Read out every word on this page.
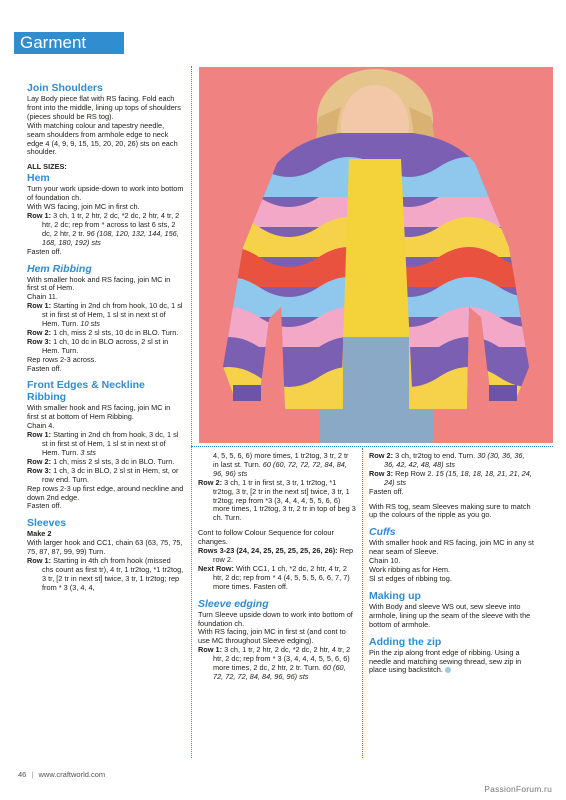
Garment
Join Shoulders

Lay Body piece flat with RS facing. Fold each front into the middle, lining up tops of shoulders (pieces should be RS tog).

With matching colour and tapestry needle, seam shoulders from armhole edge to neck edge 4 (4, 9, 9, 15, 15, 20, 20, 26) sts on each shoulder.

ALL SIZES:
Hem

Turn your work upside-down to work into bottom of foundation ch.

With WS facing, join MC in first ch.

Row 1: 3 ch, 1 tr, 2 htr, 2 dc, *2 dc, 2 htr, 4 tr, 2 htr, 2 dc; rep from * across to last 6 sts, 2 dc, 2 htr, 2 tr. 96 (108, 120, 132, 144, 156, 168, 180, 192) sts

Fasten off.

Hem Ribbing

With smaller hook and RS facing, join MC in first st of Hem.

Chain 11.

Row 1: Starting in 2nd ch from hook, 10 dc, 1 sl st in first st of Hem, 1 sl st in next st of Hem. Turn. 10 sts

Row 2: 1 ch, miss 2 sl sts, 10 dc in BLO. Turn.

Row 3: 1 ch, 10 dc in BLO across, 2 sl st in Hem. Turn.

Rep rows 2-3 across.

Fasten off.

Front Edges & Neckline Ribbing

With smaller hook and RS facing, join MC in first st at bottom of Hem Ribbing.

Chain 4.

Row 1: Starting in 2nd ch from hook, 3 dc, 1 sl st in first st of Hem, 1 sl st in next st of Hem. Turn. 3 sts

Row 2: 1 ch, miss 2 sl sts, 3 dc in BLO. Turn.

Row 3: 1 ch, 3 dc in BLO, 2 sl st in Hem, st, or row end. Turn.

Rep rows 2-3 up first edge, around neckline and down 2nd edge.

Fasten off.

Sleeves
Make 2

With larger hook and CC1, chain 63 (63, 75, 75, 75, 87, 87, 99, 99) Turn.

Row 1: Starting in 4th ch from hook (missed chs count as first tr), 4 tr, 1 tr2tog, *1 tr2tog, 3 tr, [2 tr in next st] twice, 3 tr, 1 tr2tog; rep from * 3 (3, 4, 4,

4, 5, 5, 6, 6) more times, 1 tr2tog, 3 tr, 2 tr in last st. Turn. 60 (60, 72, 72, 72, 84, 84, 96, 96) sts

Row 2: 3 ch, 1 tr in first st, 3 tr, 1 tr2tog, *1 tr2tog, 3 tr, [2 tr in the next st] twice, 3 tr, 1 tr2tog; rep from *3 (3, 4, 4, 4, 5, 5, 6, 6) more times, 1 tr2tog, 3 tr, 2 tr in top of beg 3 ch. Turn.

Cont to follow Colour Sequence for colour changes.

Rows 3-23 (24, 24, 25, 25, 25, 25, 26, 26): Rep row 2.

Next Row: With CC1, 1 ch, *2 dc, 2 htr, 4 tr, 2 htr, 2 dc; rep from * 4 (4, 5, 5, 5, 6, 6, 7, 7) more times. Fasten off.

Sleeve edging

Turn Sleeve upside down to work into bottom of foundation ch.

With RS facing, join MC in first st (and cont to use MC throughout Sleeve edging).

Row 1: 3 ch, 1 tr, 2 htr, 2 dc, *2 dc, 2 htr, 4 tr, 2 htr, 2 dc; rep from * 3 (3, 4, 4, 4, 5, 5, 6, 6) more times, 2 dc, 2 htr, 2 tr. Turn. 60 (60, 72, 72, 72, 84, 84, 96, 96) sts

Row 2: 3 ch, tr2tog to end. Turn. 30 (30, 36, 36, 36, 42, 42, 48, 48) sts

Row 3: Rep Row 2. 15 (15, 18, 18, 18, 21, 21, 24, 24) sts

Fasten off.

With RS tog, seam Sleeves making sure to match up the colours of the ripple as you go.

Cuffs

With smaller hook and RS facing, join MC in any st near seam of Sleeve.

Chain 10.

Work ribbing as for Hem.

Sl st edges of ribbing tog.

Making up

With Body and sleeve WS out, sew sleeve into armhole, lining up the seam of the sleeve with the bottom of armhole.

Adding the zip

Pin the zip along front edge of ribbing. Using a needle and matching sewing thread, sew zip in place using backstitch.

46 | www.craftworld.com
PassionForum.ru
